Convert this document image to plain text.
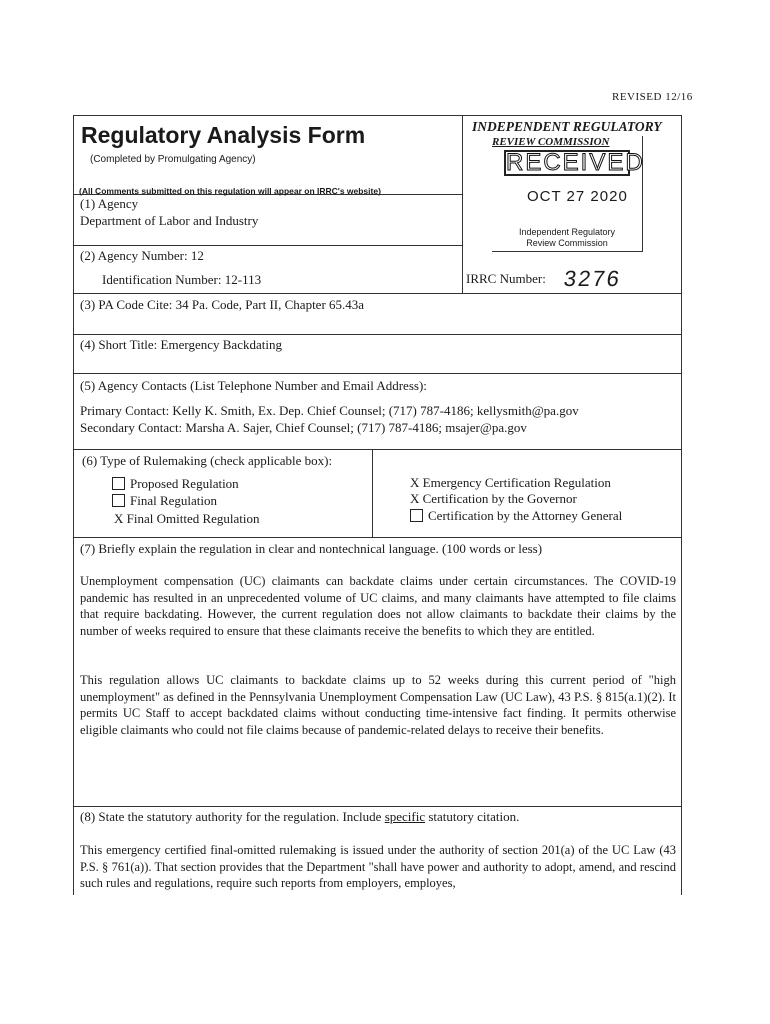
REVISED 12/16
Regulatory Analysis Form
(Completed by Promulgating Agency)
(All Comments submitted on this regulation will appear on IRRC's website)
INDEPENDENT REGULATORY
REVIEW COMMISSION
RECEIVED
OCT 27 2020
Independent Regulatory
Review Commission
(1) Agency
Department of Labor and Industry
(2) Agency Number: 12
Identification Number: 12-113	IRRC Number: 3276
(3) PA Code Cite: 34 Pa. Code, Part II, Chapter 65.43a
(4) Short Title: Emergency Backdating
(5) Agency Contacts (List Telephone Number and Email Address):
Primary Contact: Kelly K. Smith, Ex. Dep. Chief Counsel; (717) 787-4186; kellysmith@pa.gov
Secondary Contact: Marsha A. Sajer, Chief Counsel; (717) 787-4186; msajer@pa.gov
(6) Type of Rulemaking (check applicable box):
Proposed Regulation
Final Regulation
X Final Omitted Regulation
X Emergency Certification Regulation
X Certification by the Governor
Certification by the Attorney General
(7) Briefly explain the regulation in clear and nontechnical language. (100 words or less)
Unemployment compensation (UC) claimants can backdate claims under certain circumstances. The COVID-19 pandemic has resulted in an unprecedented volume of UC claims, and many claimants have attempted to file claims that require backdating. However, the current regulation does not allow claimants to backdate their claims by the number of weeks required to ensure that these claimants receive the benefits to which they are entitled.
This regulation allows UC claimants to backdate claims up to 52 weeks during this current period of "high unemployment" as defined in the Pennsylvania Unemployment Compensation Law (UC Law), 43 P.S. § 815(a.1)(2). It permits UC Staff to accept backdated claims without conducting time-intensive fact finding. It permits otherwise eligible claimants who could not file claims because of pandemic-related delays to receive their benefits.
(8) State the statutory authority for the regulation. Include specific statutory citation.
This emergency certified final-omitted rulemaking is issued under the authority of section 201(a) of the UC Law (43 P.S. § 761(a)). That section provides that the Department "shall have power and authority to adopt, amend, and rescind such rules and regulations, require such reports from employers, employes,
